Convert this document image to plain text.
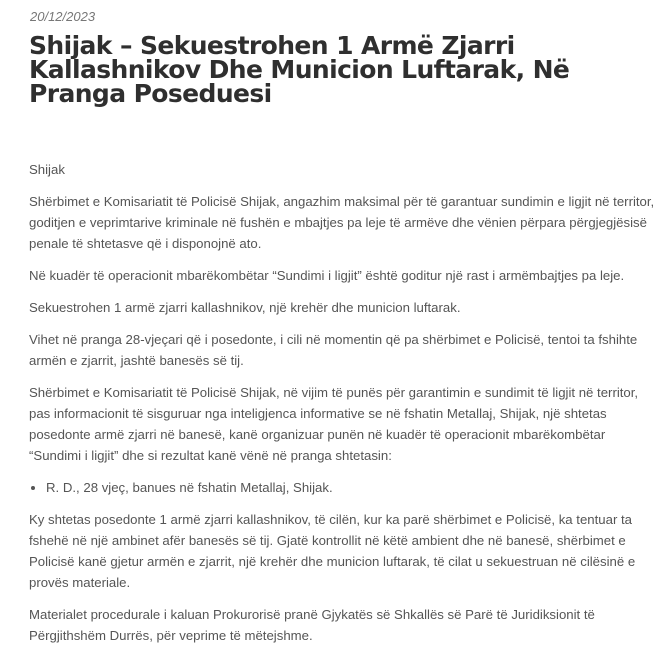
20/12/2023
Shijak – Sekuestrohen 1 Armë Zjarri Kallashnikov Dhe Municion Luftarak, Në Pranga Poseduesi

Shijak

Shërbimet e Komisariatit të Policisë Shijak, angazhim maksimal për të garantuar sundimin e ligjit në territor, goditjen e veprimtarive kriminale në fushën e mbajtjes pa leje të armëve dhe vënien përpara përgjegjësisë penale të shtetasve që i disponojnë ato.

Në kuadër të operacionit mbarëkombëtar “Sundimi i ligjit” është goditur një rast i armëmbajtjes pa leje.

Sekuestrohen 1 armë zjarri kallashnikov, një krehër dhe municion luftarak.

Vihet në pranga 28-vjeçari që i posedonte, i cili në momentin që pa shërbimet e Policisë, tentoi ta fshihte armën e zjarrit, jashtë banesës së tij.

Shërbimet e Komisariatit të Policisë Shijak, në vijim të punës për garantimin e sundimit të ligjit në territor, pas informacionit të sisguruar nga inteligjenca informative se në fshatin Metallaj, Shijak, një shtetas posedonte armë zjarri në banesë, kanë organizuar punën në kuadër të operacionit mbarëkombëtar “Sundimi i ligjit” dhe si rezultat kanë vënë në pranga shtetasin:

• R. D., 28 vjeç, banues në fshatin Metallaj, Shijak.

Ky shtetas posedonte 1 armë zjarri kallashnikov, të cilën, kur ka parë shërbimet e Policisë, ka tentuar ta fshehë në një ambinet afër banesës së tij. Gjatë kontrollit në këtë ambient dhe në banesë, shërbimet e Policisë kanë gjetur armën e zjarrit, një krehër dhe municion luftarak, të cilat u sekuestruan në cilësinë e provës materiale.

Materialet procedurale i kaluan Prokurorisë pranë Gjykatës së Shkallës së Parë të Juridiksionit të Përgjithshëm Durrës, për veprime të mëtejshme.
